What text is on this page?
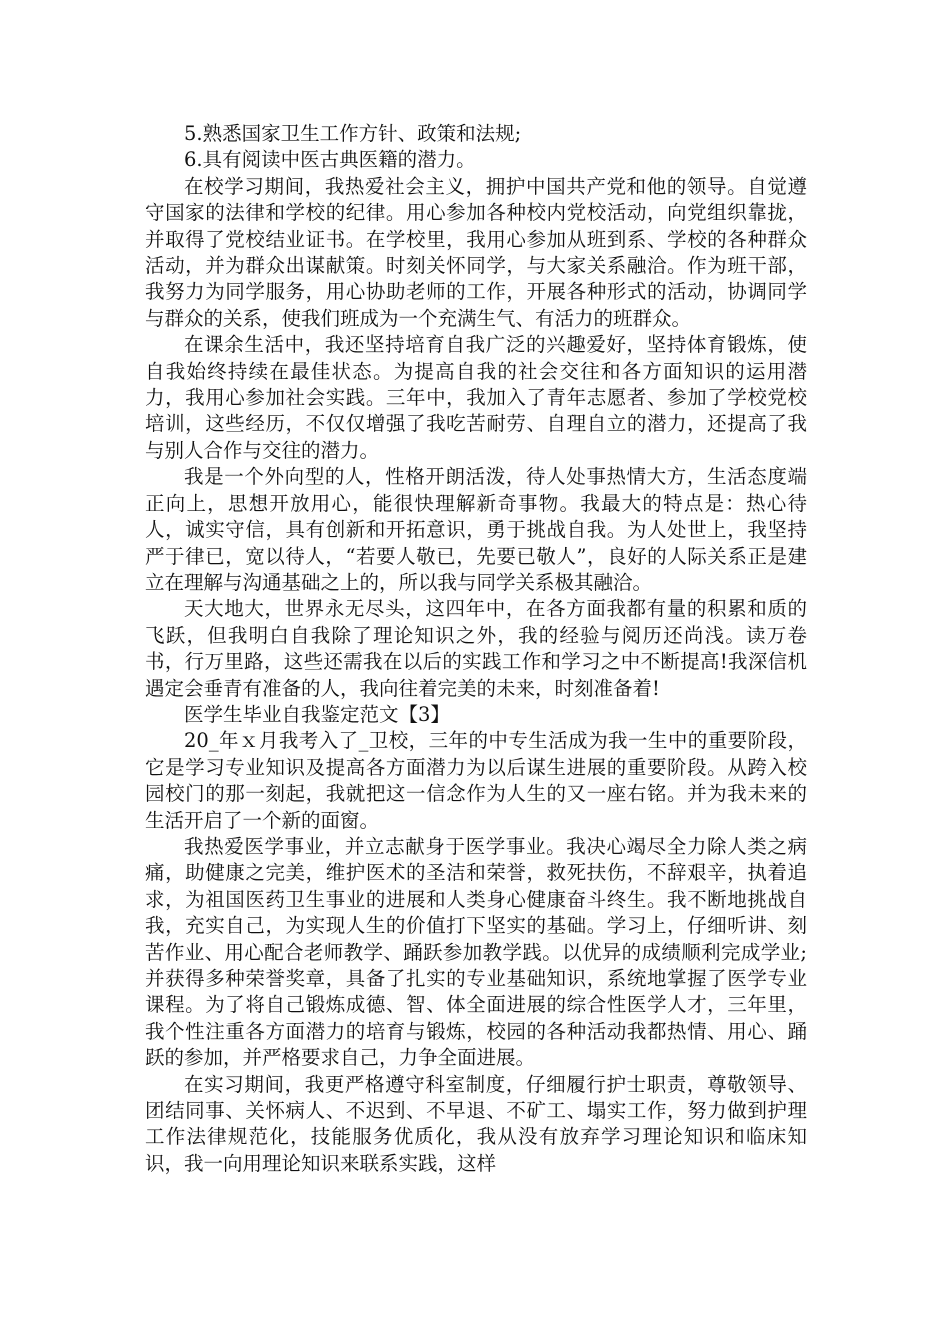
5.熟悉国家卫生工作方针、政策和法规;

6.具有阅读中医古典医籍的潜力。

在校学习期间，我热爱社会主义，拥护中国共产党和他的领导。自觉遵守国家的法律和学校的纪律。用心参加各种校内党校活动，向党组织靠拢，并取得了党校结业证书。在学校里，我用心参加从班到系、学校的各种群众活动，并为群众出谋献策。时刻关怀同学，与大家关系融洽。作为班干部，我努力为同学服务，用心协助老师的工作，开展各种形式的活动，协调同学与群众的关系，使我们班成为一个充满生气、有活力的班群众。

在课余生活中，我还坚持培育自我广泛的兴趣爱好，坚持体育锻炼，使自我始终持续在最佳状态。为提高自我的社会交往和各方面知识的运用潜力，我用心参加社会实践。三年中，我加入了青年志愿者、参加了学校党校培训，这些经历，不仅仅增强了我吃苦耐劳、自理自立的潜力，还提高了我与别人合作与交往的潜力。

我是一个外向型的人，性格开朗活泼，待人处事热情大方，生活态度端正向上，思想开放用心，能很快理解新奇事物。我最大的特点是：热心待人，诚实守信，具有创新和开拓意识，勇于挑战自我。为人处世上，我坚持严于律已，宽以待人，“若要人敬已，先要已敬人”，良好的人际关系正是建立在理解与沟通基础之上的，所以我与同学关系极其融洽。

天大地大，世界永无尽头，这四年中，在各方面我都有量的积累和质的飞跃，但我明白自我除了理论知识之外，我的经验与阅历还尚浅。读万卷书，行万里路，这些还需我在以后的实践工作和学习之中不断提高!我深信机遇定会垂青有准备的人，我向往着完美的未来，时刻准备着!

医学生毕业自我鉴定范文【3】

20_年ｘ月我考入了_卫校，三年的中专生活成为我一生中的重要阶段，它是学习专业知识及提高各方面潜力为以后谋生进展的重要阶段。从跨入校园校门的那一刻起，我就把这一信念作为人生的又一座右铭。并为我未来的生活开启了一个新的面窗。

我热爱医学事业，并立志献身于医学事业。我决心竭尽全力除人类之病痛，助健康之完美，维护医术的圣洁和荣誉，救死扶伤，不辞艰辛，执着追求，为祖国医药卫生事业的进展和人类身心健康奋斗终生。我不断地挑战自我，充实自己，为实现人生的价值打下坚实的基础。学习上，仔细听讲、刻苦作业、用心配合老师教学、踊跃参加教学践。以优异的成绩顺利完成学业;并获得多种荣誉奖章，具备了扎实的专业基础知识，系统地掌握了医学专业课程。为了将自己锻炼成德、智、体全面进展的综合性医学人才，三年里，我个性注重各方面潜力的培育与锻炼，校园的各种活动我都热情、用心、踊跃的参加，并严格要求自己，力争全面进展。

在实习期间，我更严格遵守科室制度，仔细履行护士职责，尊敬领导、团结同事、关怀病人、不迟到、不早退、不矿工、塌实工作，努力做到护理工作法律规范化，技能服务优质化，我从没有放弃学习理论知识和临床知识，我一向用理论知识来联系实践，这样
